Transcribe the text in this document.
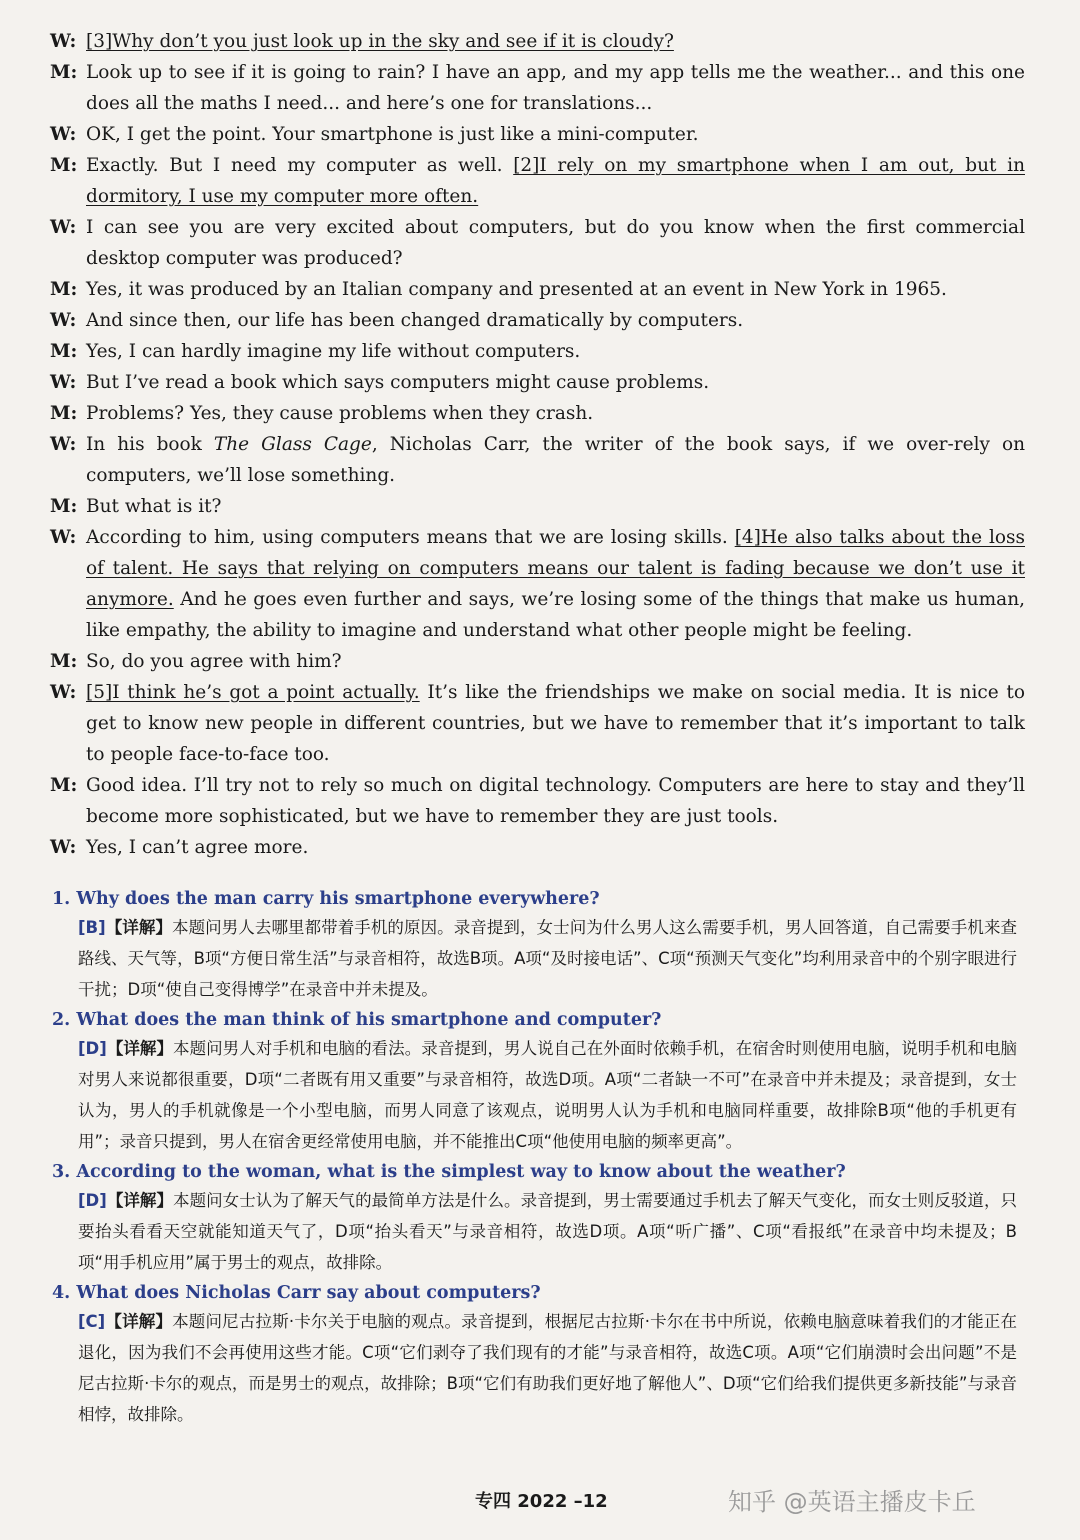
W: [3]Why don’t you just look up in the sky and see if it is cloudy?
M: Look up to see if it is going to rain? I have an app, and my app tells me the weather... and this one does all the maths I need... and here’s one for translations...
W: OK, I get the point. Your smartphone is just like a mini-computer.
M: Exactly. But I need my computer as well. [2]I rely on my smartphone when I am out, but in dormitory, I use my computer more often.
W: I can see you are very excited about computers, but do you know when the first commercial desktop computer was produced?
M: Yes, it was produced by an Italian company and presented at an event in New York in 1965.
W: And since then, our life has been changed dramatically by computers.
M: Yes, I can hardly imagine my life without computers.
W: But I’ve read a book which says computers might cause problems.
M: Problems? Yes, they cause problems when they crash.
W: In his book The Glass Cage, Nicholas Carr, the writer of the book says, if we over-rely on computers, we’ll lose something.
M: But what is it?
W: According to him, using computers means that we are losing skills. [4]He also talks about the loss of talent. He says that relying on computers means our talent is fading because we don’t use it anymore. And he goes even further and says, we’re losing some of the things that make us human, like empathy, the ability to imagine and understand what other people might be feeling.
M: So, do you agree with him?
W: [5]I think he’s got a point actually. It’s like the friendships we make on social media. It is nice to get to know new people in different countries, but we have to remember that it’s important to talk to people face-to-face too.
M: Good idea. I’ll try not to rely so much on digital technology. Computers are here to stay and they’ll become more sophisticated, but we have to remember they are just tools.
W: Yes, I can’t agree more.
1. Why does the man carry his smartphone everywhere?
[B]【详解】本题问男人去哪里都带着手机的原因。录音提到，女士问为什么男人这么需要手机，男人回答道，自己需要手机来查路线、天气等，B项“方便日常生活”与录音相符，故选B项。A项“及时接电话”、C项“预测天气变化”均利用录音中的个别字眼进行干扰；D项“使自己变得博学”在录音中并未提及。
2. What does the man think of his smartphone and computer?
[D]【详解】本题问男人对手机和电脑的看法。录音提到，男人说自己在外面时依赖手机，在宿舍时则使用电脑，说明手机和电脑对男人来说都很重要，D项“二者既有用又重要”与录音相符，故选D项。A项“二者缺一不可”在录音中并未提及；录音提到，女士认为，男人的手机就像是一个小型电脑，而男人同意了该观点，说明男人认为手机和电脑同样重要，故排除B项“他的手机更有用”；录音只提到，男人在宿舍更经常使用电脑，并不能推出C项“他使用电脑的频率更高”。
3. According to the woman, what is the simplest way to know about the weather?
[D]【详解】本题问女士认为了解天气的最简单方法是什么。录音提到，男士需要通过手机去了解天气变化，而女士则反驳道，只要抬头看看天空就能知道天气了，D项“抬头看天”与录音相符，故选D项。A项“听广播”、C项“看报纸”在录音中均未提及；B项“用手机应用”属于男士的观点，故排除。
4. What does Nicholas Carr say about computers?
[C]【详解】本题问尼古拉斯·卡尔关于电脑的观点。录音提到，根据尼古拉斯·卡尔在书中所说，依赖电脑意味着我们的才能正在退化，因为我们不会再使用这些才能。C项“它们剥夺了我们现有的才能”与录音相符，故选C项。A项“它们崩溃时会出问题”不是尼古拉斯·卡尔的观点，而是男士的观点，故排除；B项“它们有助我们更好地了解他人”、D项“它们给我们提供更多新技能”与录音相悖，故排除。
专四 2022 –12	知乎 @英语主播皮卡丘
